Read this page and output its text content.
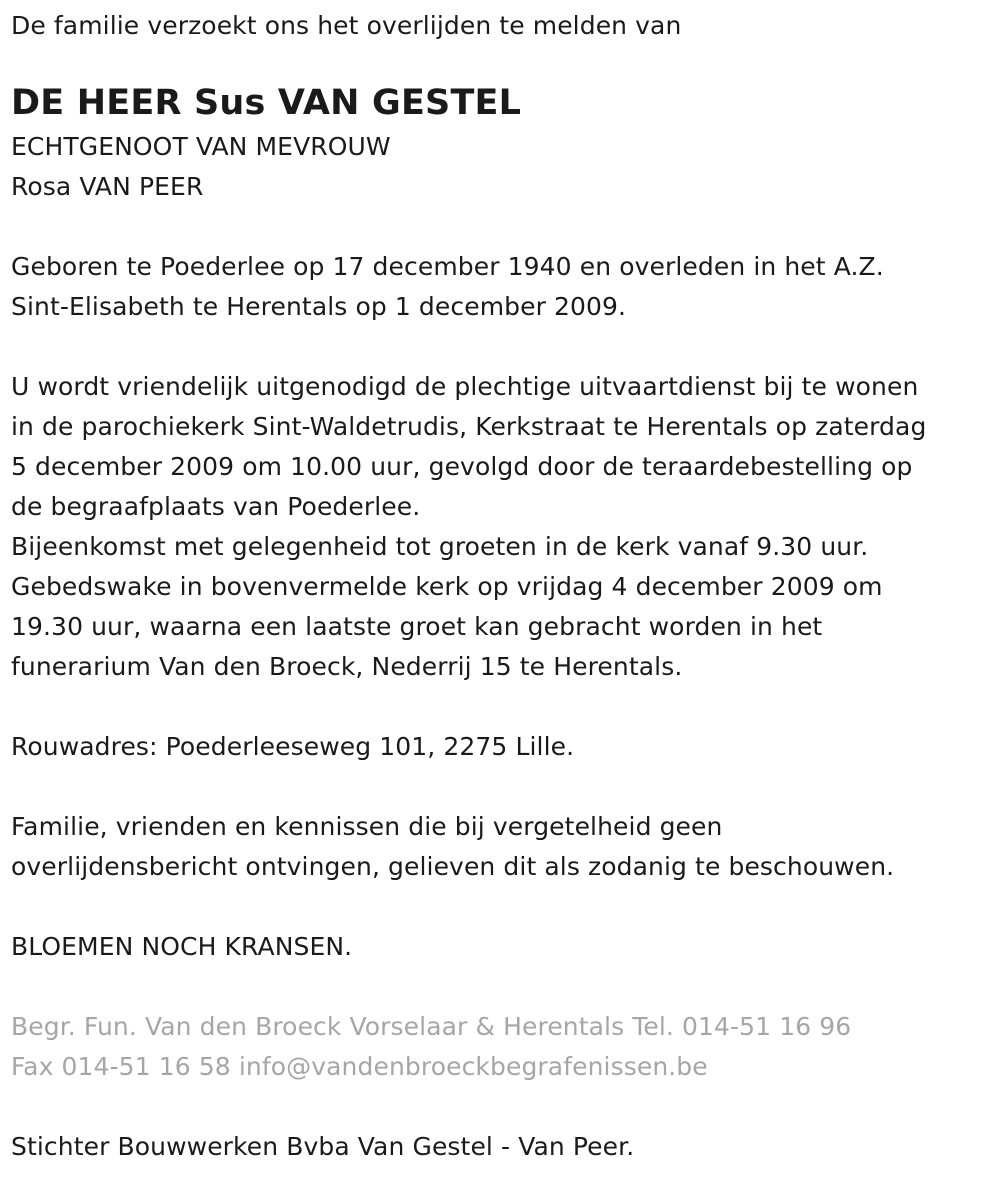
De familie verzoekt ons het overlijden te melden van
DE HEER Sus VAN GESTEL
ECHTGENOOT VAN MEVROUW
Rosa VAN PEER
Geboren te Poederlee op 17 december 1940 en overleden in het A.Z.
Sint-Elisabeth te Herentals op 1 december 2009.
U wordt vriendelijk uitgenodigd de plechtige uitvaartdienst bij te wonen
in de parochiekerk Sint-Waldetrudis, Kerkstraat te Herentals op zaterdag
5 december 2009 om 10.00 uur, gevolgd door de teraardebestelling op
de begraafplaats van Poederlee.
Bijeenkomst met gelegenheid tot groeten in de kerk vanaf 9.30 uur.
Gebedswake in bovenvermelde kerk op vrijdag 4 december 2009 om
19.30 uur, waarna een laatste groet kan gebracht worden in het
funerarium Van den Broeck, Nederrij 15 te Herentals.
Rouwadres: Poederleeseweg 101, 2275 Lille.
Familie, vrienden en kennissen die bij vergetelheid geen
overlijdensbericht ontvingen, gelieven dit als zodanig te beschouwen.
BLOEMEN NOCH KRANSEN.
Begr. Fun. Van den Broeck Vorselaar & Herentals Tel. 014-51 16 96
Fax 014-51 16 58 info@vandenbroeckbegrafenissen.be
Stichter Bouwwerken Bvba Van Gestel - Van Peer.
